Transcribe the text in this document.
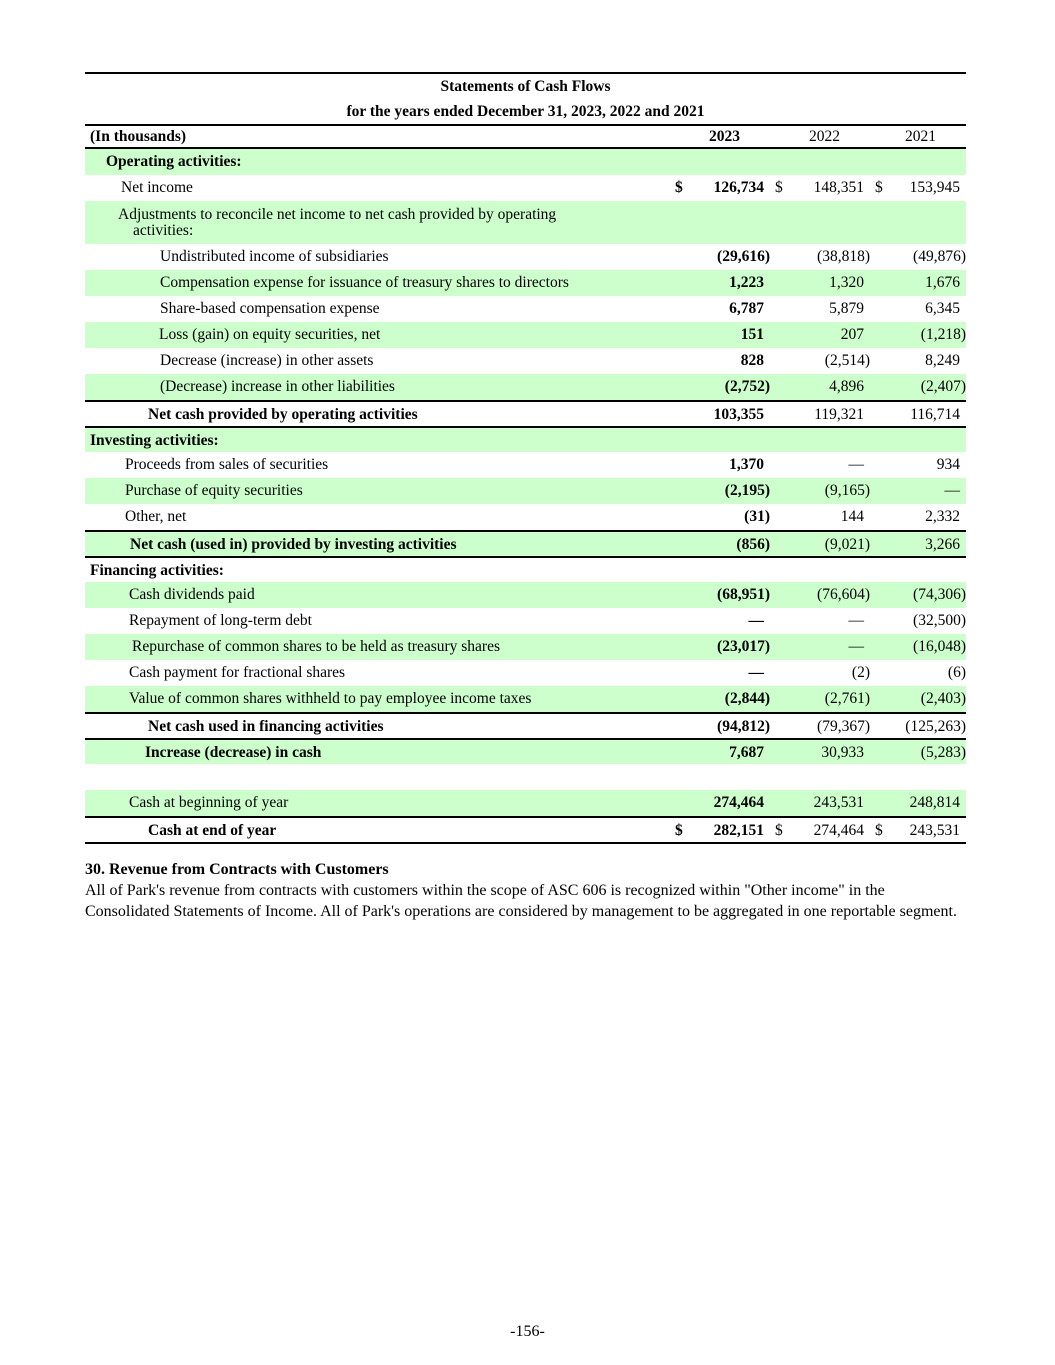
Statements of Cash Flows
for the years ended December 31, 2023, 2022 and 2021
(In thousands)	2023	2022	2021
Operating activities:
Net income	$	126,734 $	148,351 $	153,945
Adjustments to reconcile net income to net cash provided by operating
activities:
Undistributed income of subsidiaries	(29,616)	(38,818)	(49,876)
Compensation expense for issuance of treasury shares to directors	1,223	1,320	1,676
Share-based compensation expense	6,787	5,879	6,345
Loss (gain) on equity securities, net	151	207	(1,218)
Decrease (increase) in other assets	828	(2,514)	8,249
(Decrease) increase in other liabilities	(2,752)	4,896	(2,407)
Net cash provided by operating activities	103,355	119,321	116,714
Investing activities:
Proceeds from sales of securities	1,370	—	934
Purchase of equity securities	(2,195)	(9,165)	—
Other, net	(31)	144	2,332
Net cash (used in) provided by investing activities	(856)	(9,021)	3,266
Financing activities:
Cash dividends paid	(68,951)	(76,604)	(74,306)
Repayment of long-term debt	—	—	(32,500)
Repurchase of common shares to be held as treasury shares	(23,017)	—	(16,048)
Cash payment for fractional shares	—	(2)	(6)
Value of common shares withheld to pay employee income taxes	(2,844)	(2,761)	(2,403)
Net cash used in financing activities	(94,812)	(79,367)	(125,263)
Increase (decrease) in cash	7,687	30,933	(5,283)
Cash at beginning of year	274,464	243,531	248,814
Cash at end of year	$	282,151 $	274,464 $	243,531
30. Revenue from Contracts with Customers

All of Park's revenue from contracts with customers within the scope of ASC 606 is recognized within "Other income" in the Consolidated Statements of Income. All of Park's operations are considered by management to be aggregated in one reportable segment.

-156-
